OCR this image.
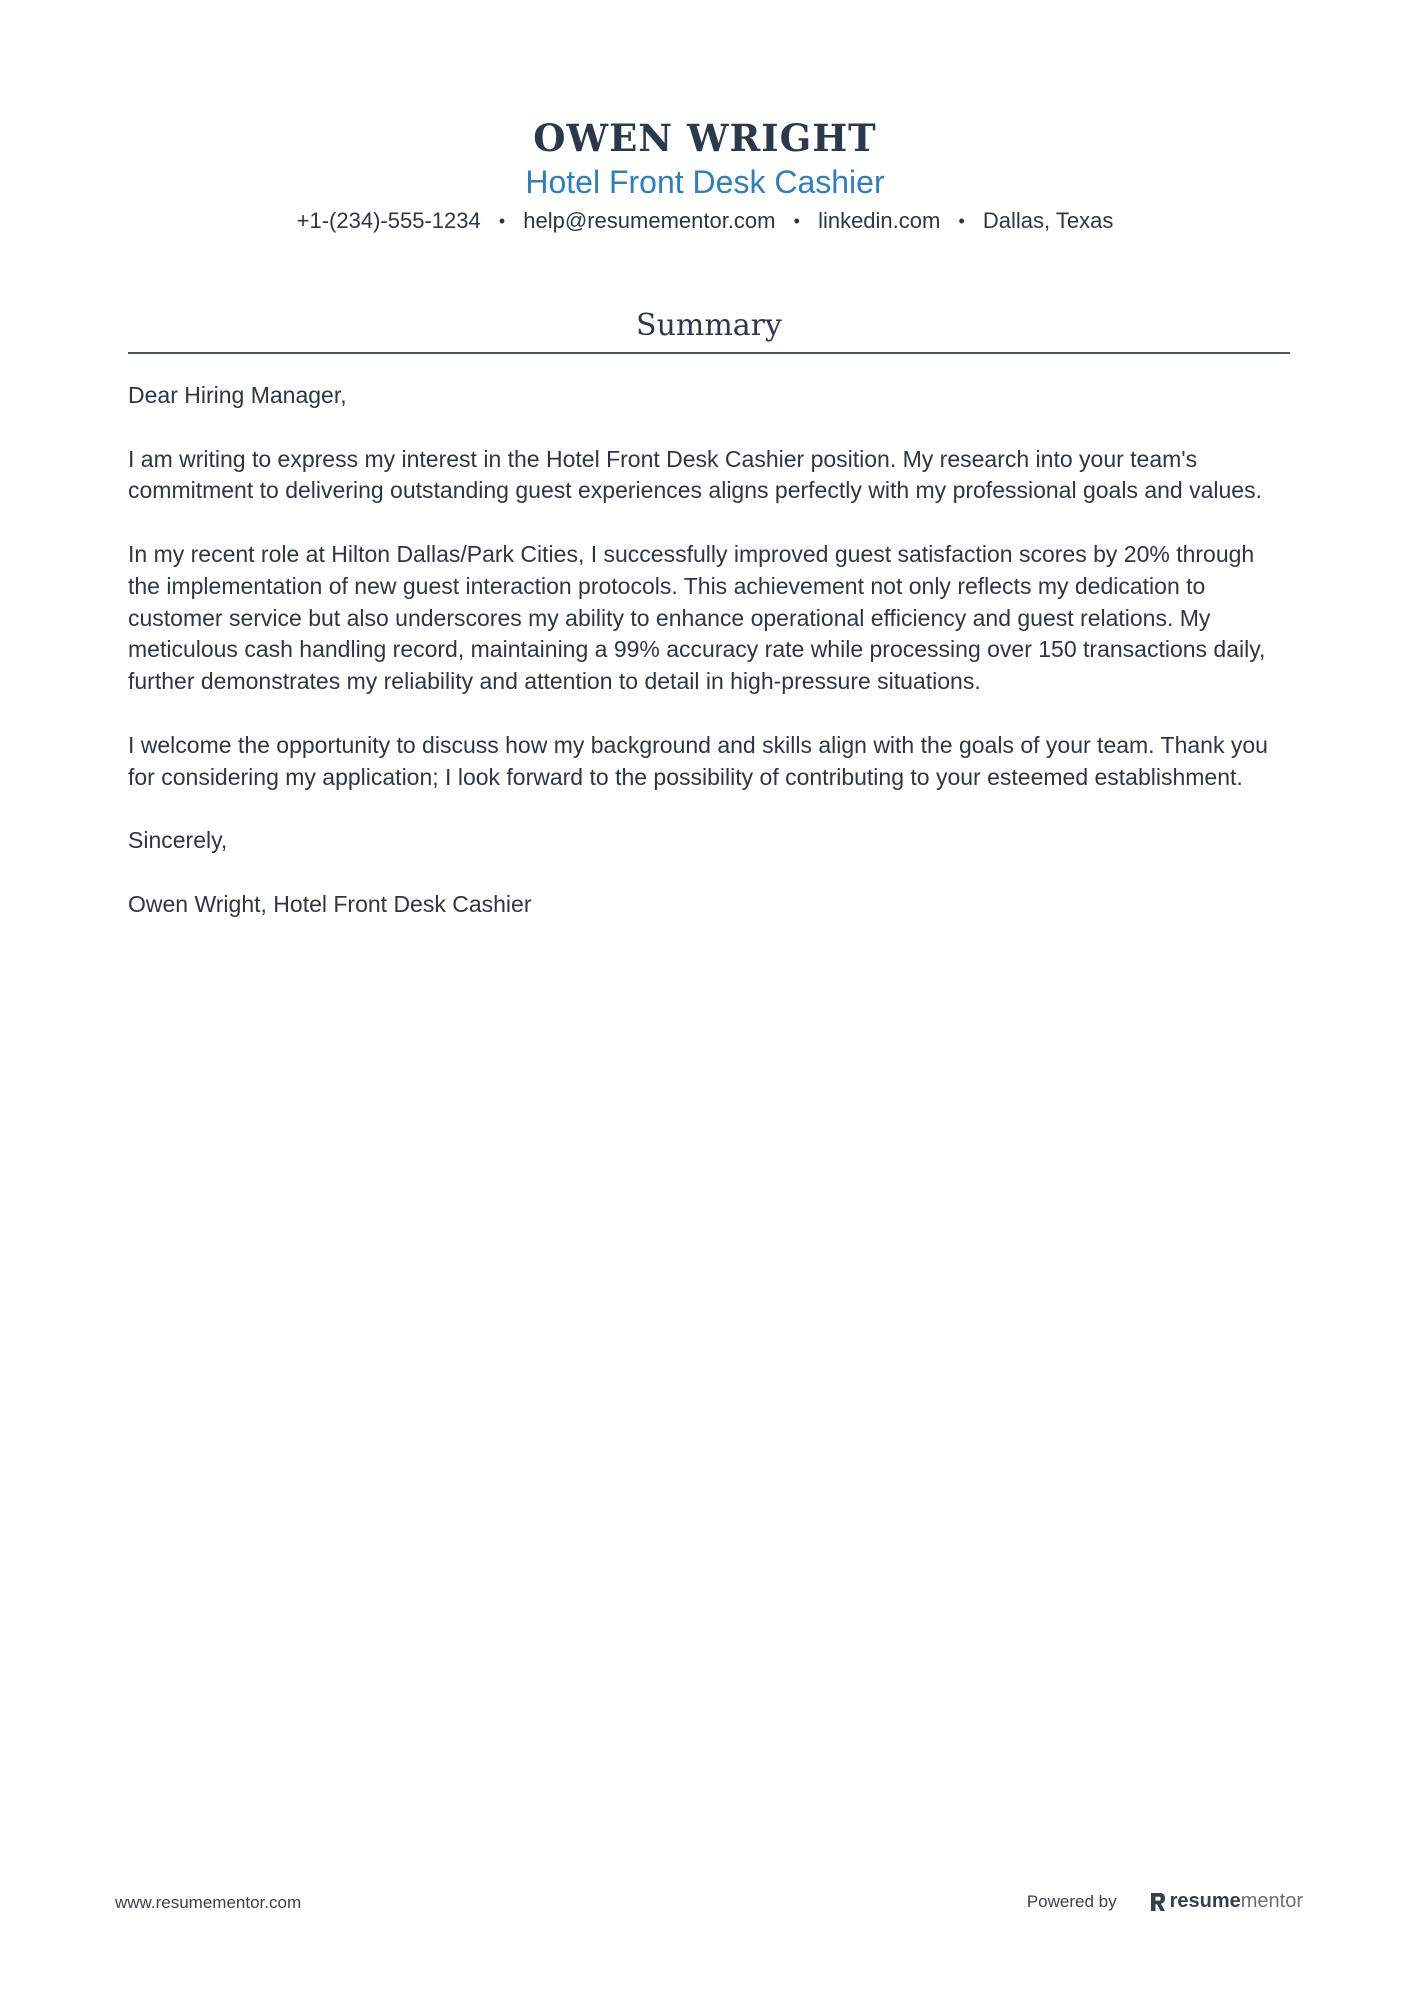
OWEN WRIGHT
Hotel Front Desk Cashier
+1-(234)-555-1234 • help@resumementor.com • linkedin.com • Dallas, Texas
Summary

Dear Hiring Manager,

I am writing to express my interest in the Hotel Front Desk Cashier position. My research into your team's commitment to delivering outstanding guest experiences aligns perfectly with my professional goals and values.

In my recent role at Hilton Dallas/Park Cities, I successfully improved guest satisfaction scores by 20% through the implementation of new guest interaction protocols. This achievement not only reflects my dedication to customer service but also underscores my ability to enhance operational efficiency and guest relations. My meticulous cash handling record, maintaining a 99% accuracy rate while processing over 150 transactions daily, further demonstrates my reliability and attention to detail in high-pressure situations.

I welcome the opportunity to discuss how my background and skills align with the goals of your team. Thank you for considering my application; I look forward to the possibility of contributing to your esteemed establishment.

Sincerely,

Owen Wright, Hotel Front Desk Cashier

www.resumementor.com	Powered by	resume mentor
